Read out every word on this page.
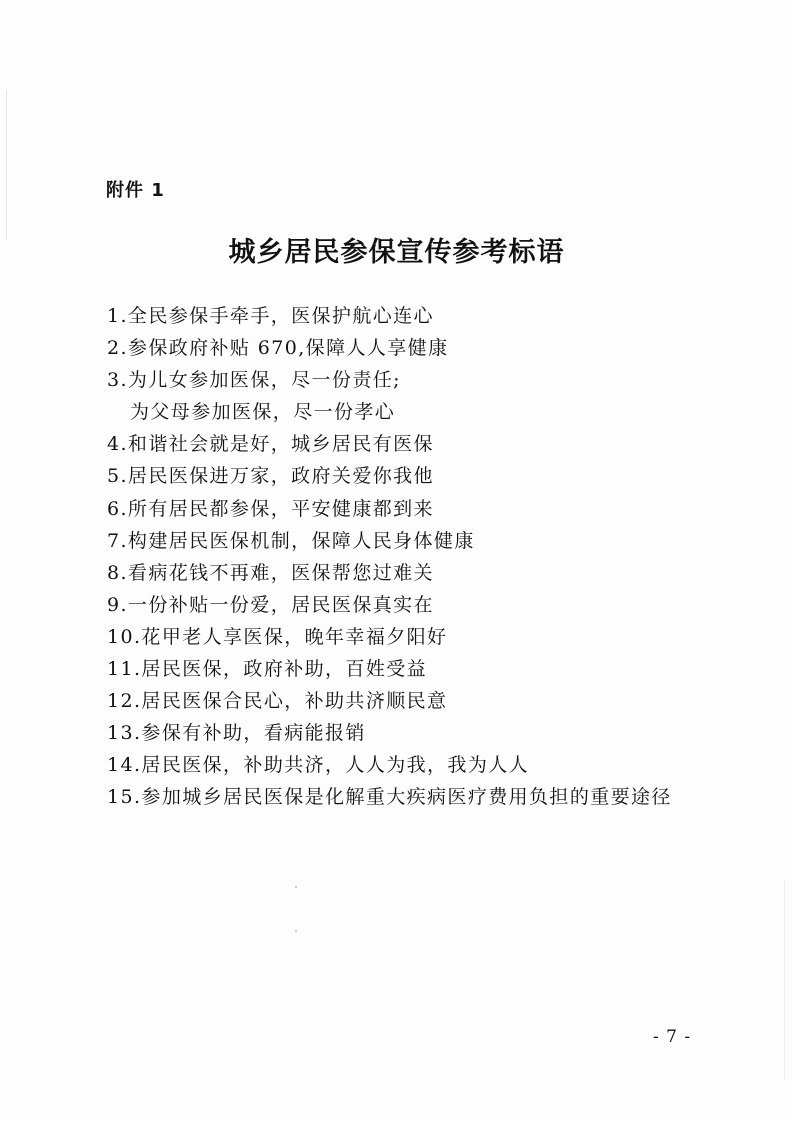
附件 1
城乡居民参保宣传参考标语
1.全民参保手牵手，医保护航心连心
2.参保政府补贴 670,保障人人享健康
3.为儿女参加医保，尽一份责任;
为父母参加医保，尽一份孝心
4.和谐社会就是好，城乡居民有医保
5.居民医保进万家，政府关爱你我他
6.所有居民都参保，平安健康都到来
7.构建居民医保机制，保障人民身体健康
8.看病花钱不再难，医保帮您过难关
9.一份补贴一份爱，居民医保真实在
10.花甲老人享医保，晚年幸福夕阳好
11.居民医保，政府补助，百姓受益
12.居民医保合民心，补助共济顺民意
13.参保有补助，看病能报销
14.居民医保，补助共济，人人为我，我为人人
15.参加城乡居民医保是化解重大疾病医疗费用负担的重要途径
- 7 -
